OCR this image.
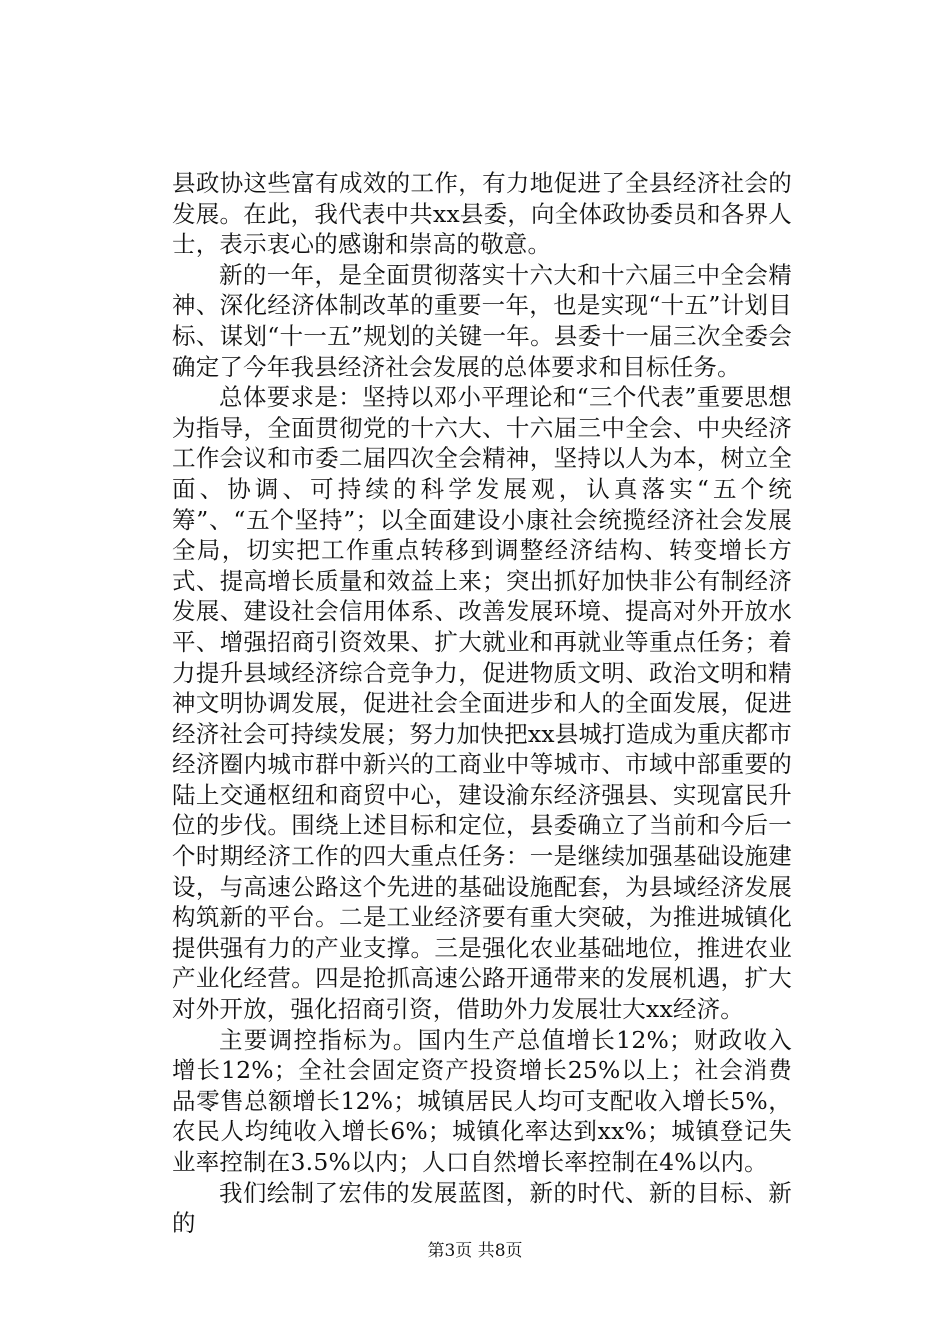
县政协这些富有成效的工作，有力地促进了全县经济社会的发展。在此，我代表中共xx县委，向全体政协委员和各界人士，表示衷心的感谢和崇高的敬意。

新的一年，是全面贯彻落实十六大和十六届三中全会精神、深化经济体制改革的重要一年，也是实现“十五”计划目标、谋划“十一五”规划的关键一年。县委十一届三次全委会确定了今年我县经济社会发展的总体要求和目标任务。

总体要求是：坚持以邓小平理论和“三个代表”重要思想为指导，全面贯彻党的十六大、十六届三中全会、中央经济工作会议和市委二届四次全会精神，坚持以人为本，树立全面、协调、可持续的科学发展观，认真落实“五个统筹”、“五个坚持”；以全面建设小康社会统揽经济社会发展全局，切实把工作重点转移到调整经济结构、转变增长方式、提高增长质量和效益上来；突出抓好加快非公有制经济发展、建设社会信用体系、改善发展环境、提高对外开放水平、增强招商引资效果、扩大就业和再就业等重点任务；着力提升县域经济综合竞争力，促进物质文明、政治文明和精神文明协调发展，促进社会全面进步和人的全面发展，促进经济社会可持续发展；努力加快把xx县城打造成为重庆都市经济圈内城市群中新兴的工商业中等城市、市域中部重要的陆上交通枢纽和商贸中心，建设渝东经济强县、实现富民升位的步伐。围绕上述目标和定位，县委确立了当前和今后一个时期经济工作的四大重点任务：一是继续加强基础设施建设，与高速公路这个先进的基础设施配套，为县域经济发展构筑新的平台。二是工业经济要有重大突破，为推进城镇化提供强有力的产业支撑。三是强化农业基础地位，推进农业产业化经营。四是抢抓高速公路开通带来的发展机遇，扩大对外开放，强化招商引资，借助外力发展壮大xx经济。

主要调控指标为。国内生产总值增长12%；财政收入增长12%；全社会固定资产投资增长25%以上；社会消费品零售总额增长12%；城镇居民人均可支配收入增长5%，农民人均纯收入增长6%；城镇化率达到xx%；城镇登记失业率控制在3.5%以内；人口自然增长率控制在4%以内。

我们绘制了宏伟的发展蓝图，新的时代、新的目标、新的

第3页 共8页
